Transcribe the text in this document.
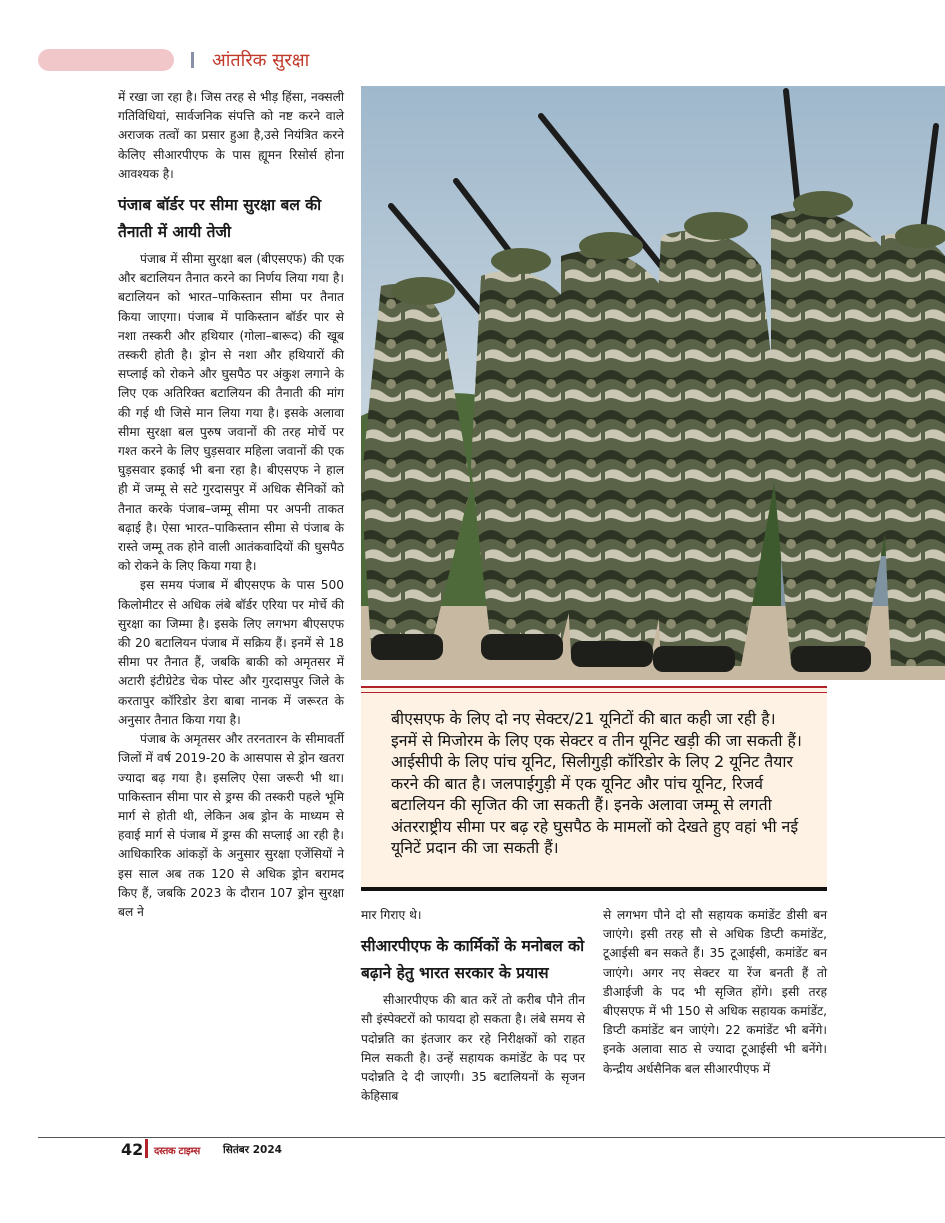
आंतरिक सुरक्षा

में रखा जा रहा है। जिस तरह से भीड़ हिंसा, नक्सली गतिविधियां, सार्वजनिक संपत्ति को नष्ट करने वाले अराजक तत्वों का प्रसार हुआ है,उसे नियंत्रित करने केलिए सीआरपीएफ के पास ह्यूमन रिसोर्स होना आवश्यक है।

पंजाब बॉर्डर पर सीमा सुरक्षा बल की तैनाती में आयी तेजी

पंजाब में सीमा सुरक्षा बल (बीएसएफ) की एक और बटालियन तैनात करने का निर्णय लिया गया है। बटालियन को भारत–पाकिस्तान सीमा पर तैनात किया जाएगा। पंजाब में पाकिस्तान बॉर्डर पार से नशा तस्करी और हथियार (गोला–बारूद) की खूब तस्करी होती है। ड्रोन से नशा और हथियारों की सप्लाई को रोकने और घुसपैठ पर अंकुश लगाने के लिए एक अतिरिक्त बटालियन की तैनाती की मांग की गई थी जिसे मान लिया गया है। इसके अलावा सीमा सुरक्षा बल पुरुष जवानों की तरह मोर्चे पर गश्त करने के लिए घुड़सवार महिला जवानों की एक घुड़सवार इकाई भी बना रहा है। बीएसएफ ने हाल ही में जम्मू से सटे गुरदासपुर में अधिक सैनिकों को तैनात करके पंजाब–जम्मू सीमा पर अपनी ताकत बढ़ाई है। ऐसा भारत–पाकिस्तान सीमा से पंजाब के रास्ते जम्मू तक होने वाली आतंकवादियों की घुसपैठ को रोकने के लिए किया गया है।

इस समय पंजाब में बीएसएफ के पास 500 किलोमीटर से अधिक लंबे बॉर्डर एरिया पर मोर्चे की सुरक्षा का जिम्मा है। इसके लिए लगभग बीएसएफ की 20 बटालियन पंजाब में सक्रिय हैं। इनमें से 18 सीमा पर तैनात हैं, जबकि बाकी को अमृतसर में अटारी इंटीग्रेटेड चेक पोस्ट और गुरदासपुर जिले के करतापुर कॉरिडोर डेरा बाबा नानक में जरूरत के अनुसार तैनात किया गया है।

पंजाब के अमृतसर और तरनतारन के सीमावर्ती जिलों में वर्ष 2019-20 के आसपास से ड्रोन खतरा ज्यादा बढ़ गया है। इसलिए ऐसा जरूरी भी था। पाकिस्तान सीमा पार से ड्रग्स की तस्करी पहले भूमि मार्ग से होती थी, लेकिन अब ड्रोन के माध्यम से हवाई मार्ग से पंजाब में ड्रग्स की सप्लाई आ रही है। आधिकारिक आंकड़ों के अनुसार सुरक्षा एजेंसियों ने इस साल अब तक 120 से अधिक ड्रोन बरामद किए हैं, जबकि 2023 के दौरान 107 ड्रोन सुरक्षा बल ने

बीएसएफ के लिए दो नए सेक्टर/21 यूनिटों की बात कही जा रही है। इनमें से मिजोरम के लिए एक सेक्टर व तीन यूनिट खड़ी की जा सकती हैं। आईसीपी के लिए पांच यूनिट, सिलीगुड़ी कॉरिडोर के लिए 2 यूनिट तैयार करने की बात है। जलपाईगुड़ी में एक यूनिट और पांच यूनिट, रिजर्व बटालियन की सृजित की जा सकती हैं। इनके अलावा जम्मू से लगती अंतरराष्ट्रीय सीमा पर बढ़ रहे घुसपैठ के मामलों को देखते हुए वहां भी नई यूनिटें प्रदान की जा सकती हैं।

मार गिराए थे।

सीआरपीएफ के कार्मिकों के मनोबल को बढ़ाने हेतु भारत सरकार के प्रयास

सीआरपीएफ की बात करें तो करीब पौने तीन सौ इंस्पेक्टरों को फायदा हो सकता है। लंबे समय से पदोन्नति का इंतजार कर रहे निरीक्षकों को राहत मिल सकती है। उन्हें सहायक कमांडेंट के पद पर पदोन्नति दे दी जाएगी। 35 बटालियनों के सृजन केहिसाब

से लगभग पौने दो सौ सहायक कमांडेंट डीसी बन जाएंगे। इसी तरह सौ से अधिक डिप्टी कमांडेंट, टूआईसी बन सकते हैं। 35 टूआईसी, कमांडेंट बन जाएंगे। अगर नए सेक्टर या रेंज बनती हैं तो डीआईजी के पद भी सृजित होंगे। इसी तरह बीएसएफ में भी 150 से अधिक सहायक कमांडेंट, डिप्टी कमांडेंट बन जाएंगे। 22 कमांडेंट भी बनेंगे। इनके अलावा साठ से ज्यादा टूआईसी भी बनेंगे। केन्द्रीय अर्धसैनिक बल सीआरपीएफ में

42 दस्तक टाइम्स सितंबर 2024
